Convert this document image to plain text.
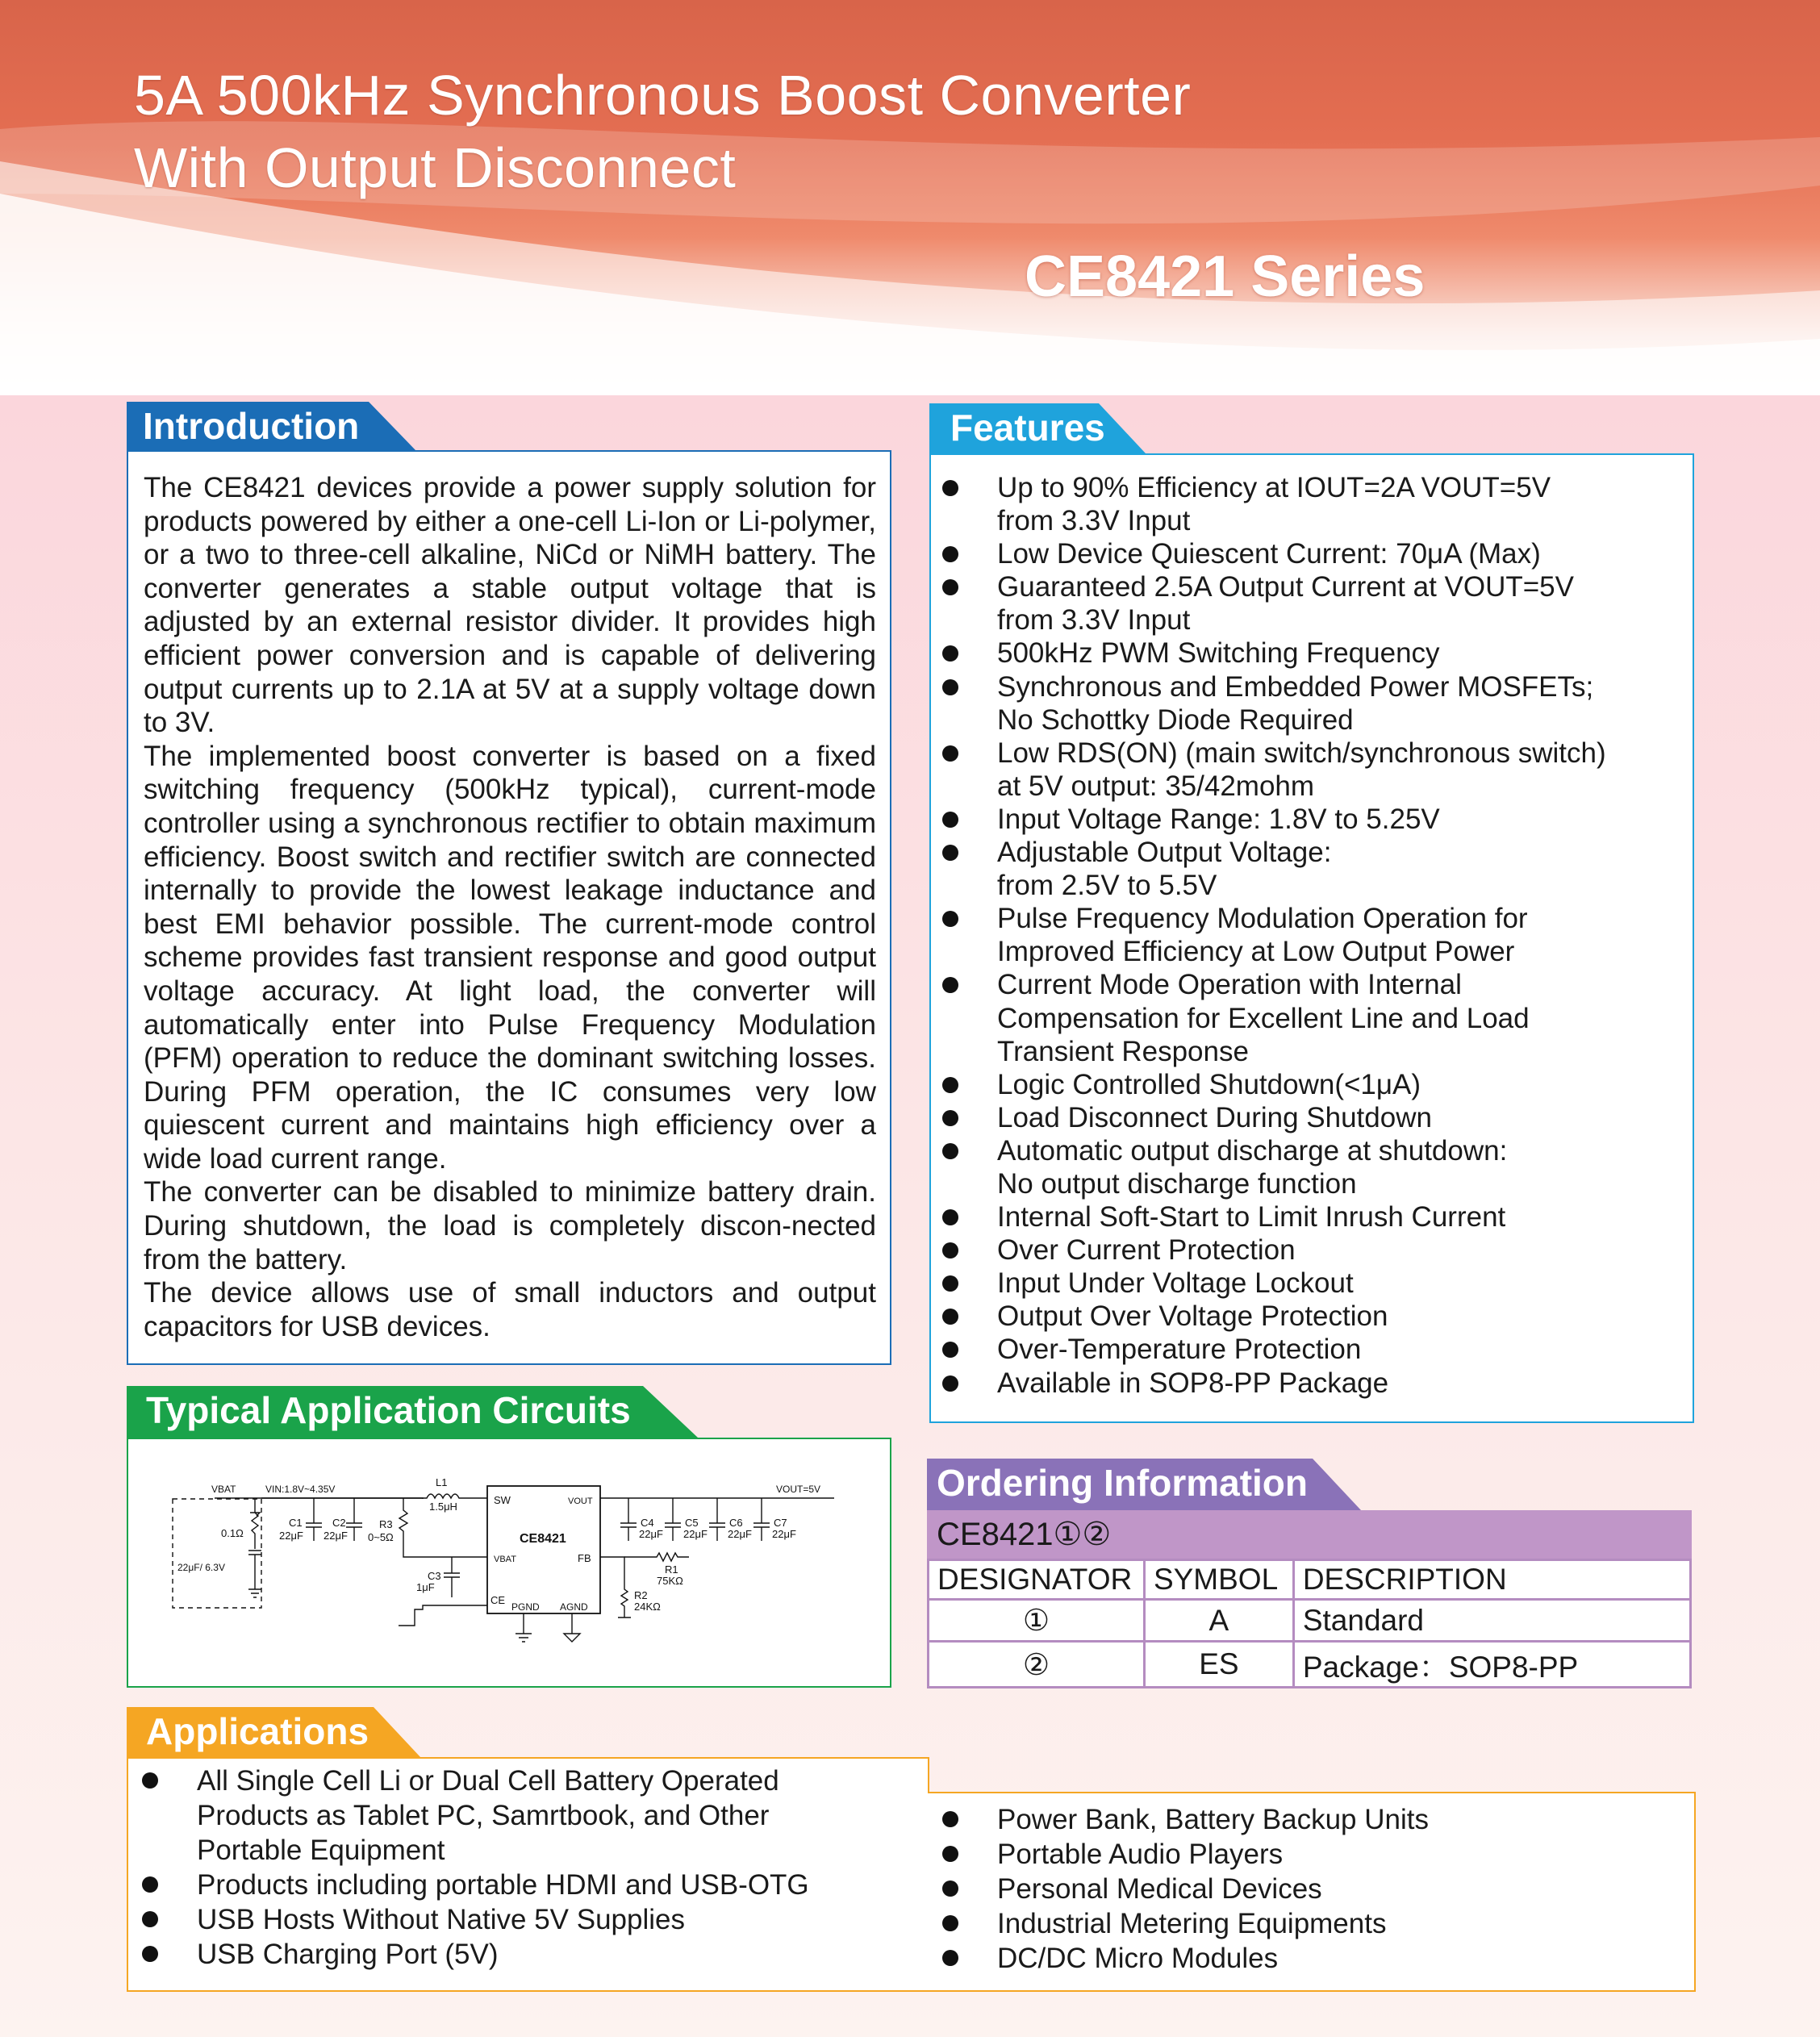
5A 500kHz Synchronous Boost Converter
With Output Disconnect
CE8421 Series
Introduction

The CE8421 devices provide a power supply solution for products powered by either a one-cell Li-Ion or Li-polymer, or a two to three-cell alkaline, NiCd or NiMH battery. The converter generates a stable output voltage that is adjusted by an external resistor divider. It provides high efficient power conversion and is capable of delivering output currents up to 2.1A at 5V at a supply voltage down to 3V.

The implemented boost converter is based on a fixed switching frequency (500kHz typical), current-mode controller using a synchronous rectifier to obtain maximum efficiency. Boost switch and rectifier switch are connected internally to provide the lowest leakage inductance and best EMI behavior possible. The current-mode control scheme provides fast transient response and good output voltage accuracy. At light load, the converter will automatically enter into Pulse Frequency Modulation (PFM) operation to reduce the dominant switching losses. During PFM operation, the IC consumes very low quiescent current and maintains high efficiency over a wide load current range.

The converter can be disabled to minimize battery drain. During shutdown, the load is completely discon-nected from the battery.

The device allows use of small inductors and output capacitors for USB devices.

Features
Up to 90% Efficiency at IOUT=2A VOUT=5V
from 3.3V Input
Low Device Quiescent Current: 70μA (Max)
Guaranteed 2.5A Output Current at VOUT=5V
from 3.3V Input
500kHz PWM Switching Frequency
Synchronous and Embedded Power MOSFETs;
No Schottky Diode Required
Low RDS(ON) (main switch/synchronous switch)
at 5V output: 35/42mohm
Input Voltage Range: 1.8V to 5.25V
Adjustable Output Voltage:
from 2.5V to 5.5V
Pulse Frequency Modulation Operation for
Improved Efficiency at Low Output Power
Current Mode Operation with Internal
Compensation for Excellent Line and Load
Transient Response
Logic Controlled Shutdown(<1μA)
Load Disconnect During Shutdown
Automatic output discharge at shutdown:
No output discharge function
Internal Soft-Start to Limit Inrush Current
Over Current Protection
Input Under Voltage Lockout
Output Over Voltage Protection
Over-Temperature Protection
Available in SOP8-PP Package
Typical Application Circuits
VBAT	VIN:1.8V~4.35V
L1
1.5μH
SW	VOUT
VOUT=5V
0.1Ω
22μF/ 6.3V
C1
22μF
C2
22μF
R3
0~5Ω	CE8421
VBAT	FB
C3
1μF
CE
PGND AGND
C4
22μF
C5
22μF
C6
22μF
C7
22μF
R1
75KΩ
R2
24KΩ
Ordering Information
CE8421①②
DESIGNATOR	SYMBOL	DESCRIPTION
①	A	Standard
②	ES	Package：SOP8-PP
Applications
All Single Cell Li or Dual Cell Battery Operated
Products as Tablet PC, Samrtbook, and Other
Portable Equipment
Products including portable HDMI and USB-OTG
USB Hosts Without Native 5V Supplies
USB Charging Port (5V)
Power Bank, Battery Backup Units
Portable Audio Players
Personal Medical Devices
Industrial Metering Equipments
DC/DC Micro Modules
